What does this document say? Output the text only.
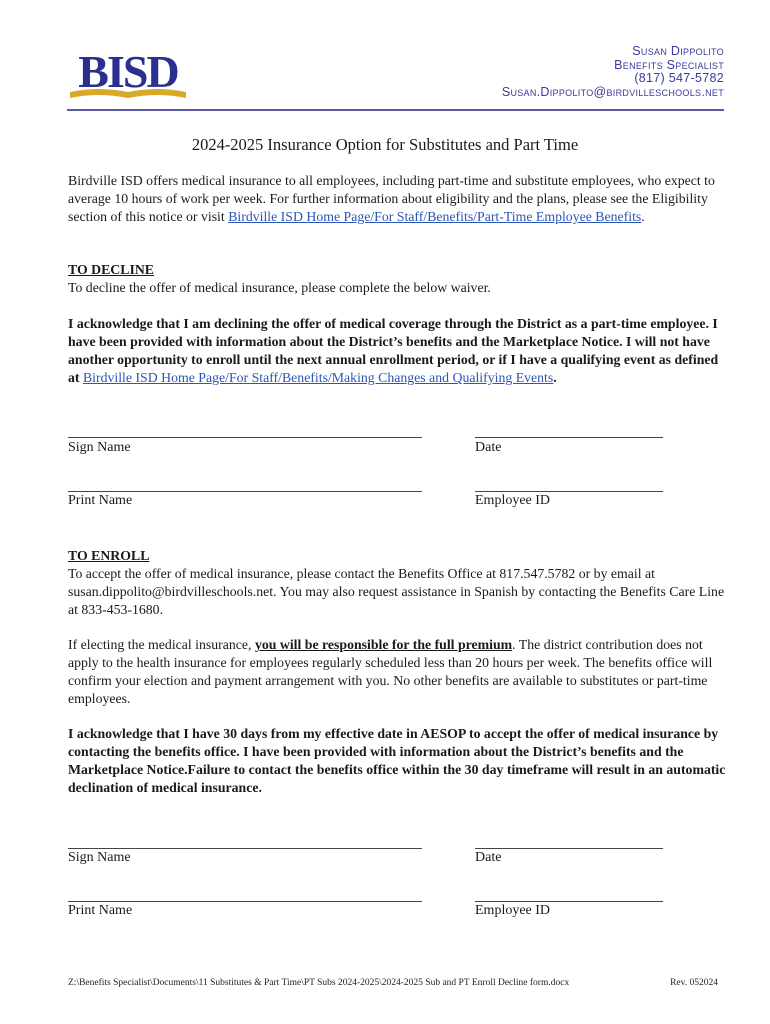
BISD	Susan Dippolito
Benefits Specialist
(817) 547-5782
Susan.Dippolito@birdvilleschools.net
2024-2025 Insurance Option for Substitutes and Part Time
Birdville ISD offers medical insurance to all employees, including part-time and substitute employees, who expect to average 10 hours of work per week. For further information about eligibility and the plans, please see the Eligibility section of this notice or visit Birdville ISD Home Page/For Staff/Benefits/Part-Time Employee Benefits.
TO DECLINE
To decline the offer of medical insurance, please complete the below waiver.
I acknowledge that I am declining the offer of medical coverage through the District as a part-time employee. I have been provided with information about the District’s benefits and the Marketplace Notice. I will not have another opportunity to enroll until the next annual enrollment period, or if I have a qualifying event as defined at Birdville ISD Home Page/For Staff/Benefits/Making Changes and Qualifying Events.
Sign Name	Date
Print Name	Employee ID
TO ENROLL
To accept the offer of medical insurance, please contact the Benefits Office at 817.547.5782 or by email at susan.dippolito@birdvilleschools.net. You may also request assistance in Spanish by contacting the Benefits Care Line at 833-453-1680.
If electing the medical insurance, you will be responsible for the full premium. The district contribution does not apply to the health insurance for employees regularly scheduled less than 20 hours per week. The benefits office will confirm your election and payment arrangement with you. No other benefits are available to substitutes or part-time employees.
I acknowledge that I have 30 days from my effective date in AESOP to accept the offer of medical insurance by contacting the benefits office. I have been provided with information about the District’s benefits and the Marketplace Notice.Failure to contact the benefits office within the 30 day timeframe will result in an automatic declination of medical insurance.
Sign Name	Date
Print Name	Employee ID
Z:\Benefits Specialist\Documents\11 Substitutes & Part Time\PT Subs 2024-2025\2024-2025 Sub and PT Enroll Decline form.docx	Rev. 052024
